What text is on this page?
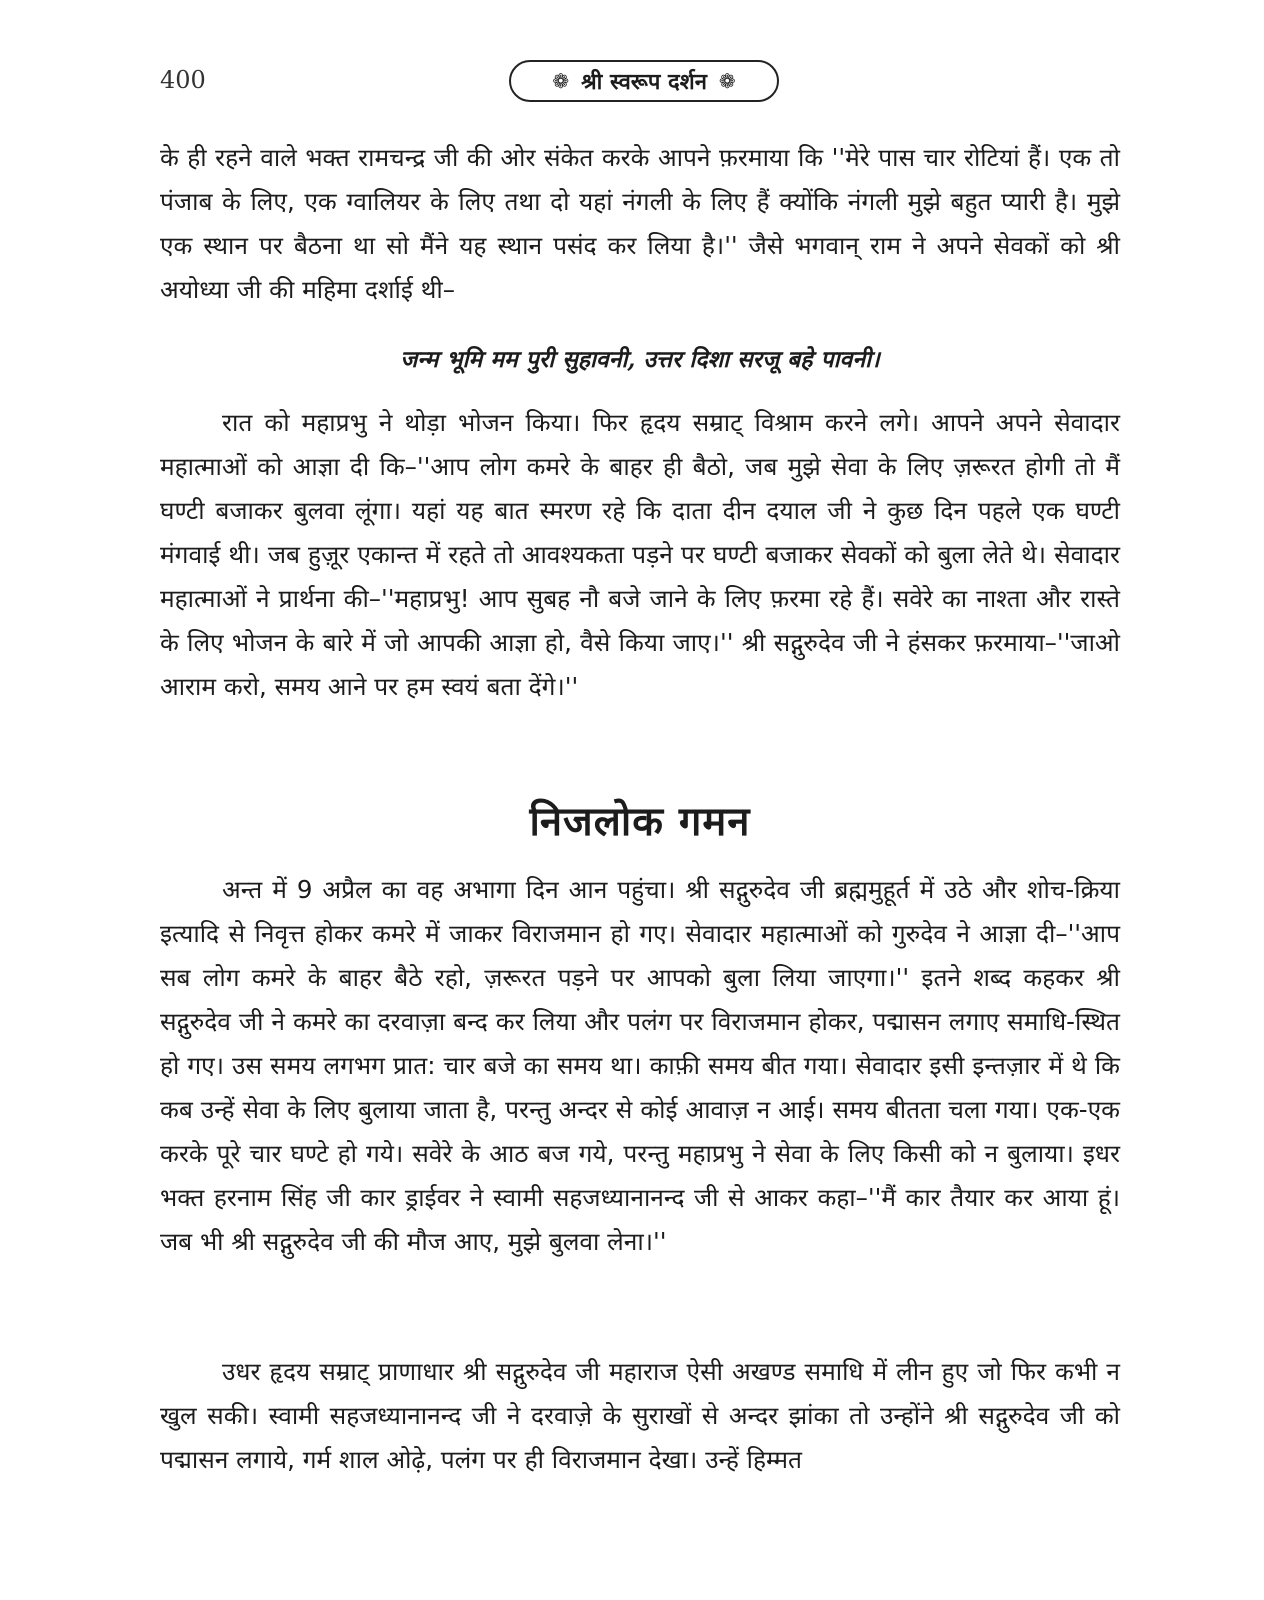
400	❁ श्री स्वरूप दर्शन ❁

के ही रहने वाले भक्त रामचन्द्र जी की ओर संकेत करके आपने फ़रमाया कि ''मेरे पास चार रोटियां हैं। एक तो पंजाब के लिए, एक ग्वालियर के लिए तथा दो यहां नंगली के लिए हैं क्योंकि नंगली मुझे बहुत प्यारी है। मुझे एक स्थान पर बैठना था सो मैंने यह स्थान पसंद कर लिया है।'' जैसे भगवान् राम ने अपने सेवकों को श्री अयोध्या जी की महिमा दर्शाई थी–

जन्म भूमि मम पुरी सुहावनी, उत्तर दिशा सरजू बहे पावनी।

रात को महाप्रभु ने थोड़ा भोजन किया। फिर हृदय सम्राट् विश्राम करने लगे। आपने अपने सेवादार महात्माओं को आज्ञा दी कि–''आप लोग कमरे के बाहर ही बैठो, जब मुझे सेवा के लिए ज़रूरत होगी तो मैं घण्टी बजाकर बुलवा लूंगा। यहां यह बात स्मरण रहे कि दाता दीन दयाल जी ने कुछ दिन पहले एक घण्टी मंगवाई थी। जब हुज़ूर एकान्त में रहते तो आवश्यकता पड़ने पर घण्टी बजाकर सेवकों को बुला लेते थे। सेवादार महात्माओं ने प्रार्थना की–''महाप्रभु! आप सुबह नौ बजे जाने के लिए फ़रमा रहे हैं। सवेरे का नाश्ता और रास्ते के लिए भोजन के बारे में जो आपकी आज्ञा हो, वैसे किया जाए।'' श्री सद्गुरुदेव जी ने हंसकर फ़रमाया–''जाओ आराम करो, समय आने पर हम स्वयं बता देंगे।''

निजलोक गमन

अन्त में 9 अप्रैल का वह अभागा दिन आन पहुंचा। श्री सद्गुरुदेव जी ब्रह्ममुहूर्त में उठे और शोच-क्रिया इत्यादि से निवृत्त होकर कमरे में जाकर विराजमान हो गए। सेवादार महात्माओं को गुरुदेव ने आज्ञा दी–''आप सब लोग कमरे के बाहर बैठे रहो, ज़रूरत पड़ने पर आपको बुला लिया जाएगा।'' इतने शब्द कहकर श्री सद्गुरुदेव जी ने कमरे का दरवाज़ा बन्द कर लिया और पलंग पर विराजमान होकर, पद्मासन लगाए समाधि-स्थित हो गए। उस समय लगभग प्रात: चार बजे का समय था। काफ़ी समय बीत गया। सेवादार इसी इन्तज़ार में थे कि कब उन्हें सेवा के लिए बुलाया जाता है, परन्तु अन्दर से कोई आवाज़ न आई। समय बीतता चला गया। एक-एक करके पूरे चार घण्टे हो गये। सवेरे के आठ बज गये, परन्तु महाप्रभु ने सेवा के लिए किसी को न बुलाया। इधर भक्त हरनाम सिंह जी कार ड्राईवर ने स्वामी सहजध्यानानन्द जी से आकर कहा–''मैं कार तैयार कर आया हूं। जब भी श्री सद्गुरुदेव जी की मौज आए, मुझे बुलवा लेना।''

उधर हृदय सम्राट् प्राणाधार श्री सद्गुरुदेव जी महाराज ऐसी अखण्ड समाधि में लीन हुए जो फिर कभी न खुल सकी। स्वामी सहजध्यानानन्द जी ने दरवाज़े के सुराखों से अन्दर झांका तो उन्होंने श्री सद्गुरुदेव जी को पद्मासन लगाये, गर्म शाल ओढ़े, पलंग पर ही विराजमान देखा। उन्हें हिम्मत
